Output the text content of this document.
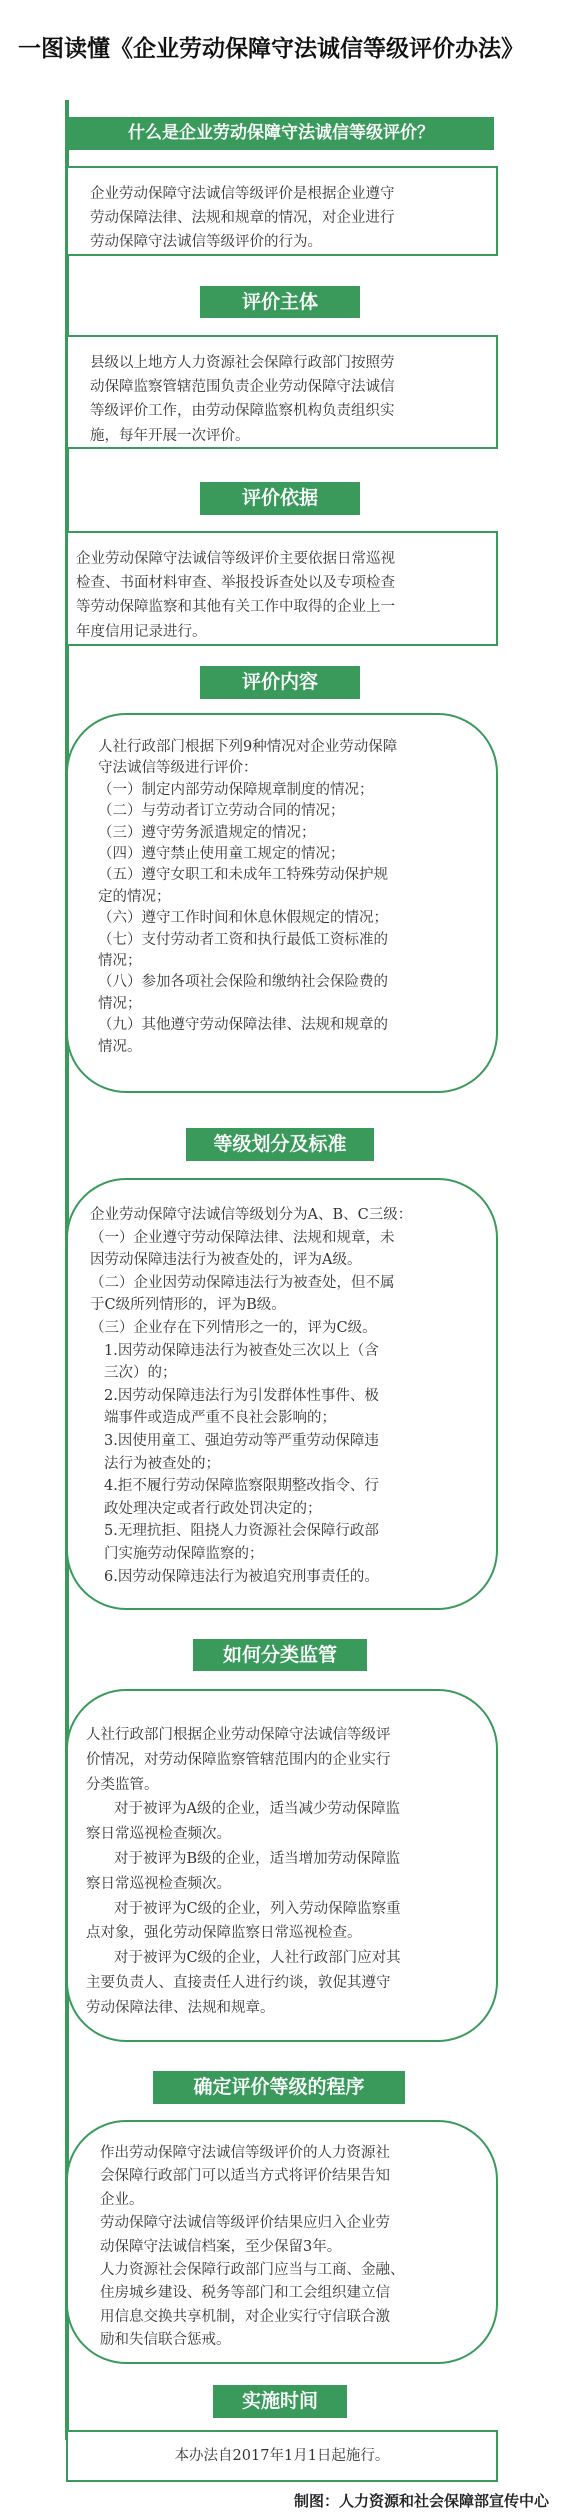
一图读懂《企业劳动保障守法诚信等级评价办法》
什么是企业劳动保障守法诚信等级评价？
企业劳动保障守法诚信等级评价是根据企业遵守
劳动保障法律、法规和规章的情况，对企业进行
劳动保障守法诚信等级评价的行为。
评价主体
县级以上地方人力资源社会保障行政部门按照劳
动保障监察管辖范围负责企业劳动保障守法诚信
等级评价工作，由劳动保障监察机构负责组织实
施，每年开展一次评价。
评价依据
企业劳动保障守法诚信等级评价主要依据日常巡视
检查、书面材料审查、举报投诉查处以及专项检查
等劳动保障监察和其他有关工作中取得的企业上一
年度信用记录进行。
评价内容
人社行政部门根据下列9种情况对企业劳动保障
守法诚信等级进行评价：
（一）制定内部劳动保障规章制度的情况；
（二）与劳动者订立劳动合同的情况；
（三）遵守劳务派遣规定的情况；
（四）遵守禁止使用童工规定的情况；
（五）遵守女职工和未成年工特殊劳动保护规
定的情况；
（六）遵守工作时间和休息休假规定的情况；
（七）支付劳动者工资和执行最低工资标准的
情况；
（八）参加各项社会保险和缴纳社会保险费的
情况；
（九）其他遵守劳动保障法律、法规和规章的
情况。
等级划分及标准
企业劳动保障守法诚信等级划分为A、B、C三级：
（一）企业遵守劳动保障法律、法规和规章，未
因劳动保障违法行为被查处的，评为A级。
（二）企业因劳动保障违法行为被查处，但不属
于C级所列情形的，评为B级。
（三）企业存在下列情形之一的，评为C级。
1.因劳动保障违法行为被查处三次以上（含
三次）的；
2.因劳动保障违法行为引发群体性事件、极
端事件或造成严重不良社会影响的；
3.因使用童工、强迫劳动等严重劳动保障违
法行为被查处的；
4.拒不履行劳动保障监察限期整改指令、行
政处理决定或者行政处罚决定的；
5.无理抗拒、阻挠人力资源社会保障行政部
门实施劳动保障监察的；
6.因劳动保障违法行为被追究刑事责任的。
如何分类监管
人社行政部门根据企业劳动保障守法诚信等级评
价情况，对劳动保障监察管辖范围内的企业实行
分类监管。
对于被评为A级的企业，适当减少劳动保障监
察日常巡视检查频次。
对于被评为B级的企业，适当增加劳动保障监
察日常巡视检查频次。
对于被评为C级的企业，列入劳动保障监察重
点对象，强化劳动保障监察日常巡视检查。
对于被评为C级的企业，人社行政部门应对其
主要负责人、直接责任人进行约谈，敦促其遵守
劳动保障法律、法规和规章。
确定评价等级的程序
作出劳动保障守法诚信等级评价的人力资源社
会保障行政部门可以适当方式将评价结果告知
企业。
劳动保障守法诚信等级评价结果应归入企业劳
动保障守法诚信档案，至少保留3年。
人力资源社会保障行政部门应当与工商、金融、
住房城乡建设、税务等部门和工会组织建立信
用信息交换共享机制，对企业实行守信联合激
励和失信联合惩戒。
实施时间
本办法自2017年1月1日起施行。
制图：人力资源和社会保障部宣传中心
